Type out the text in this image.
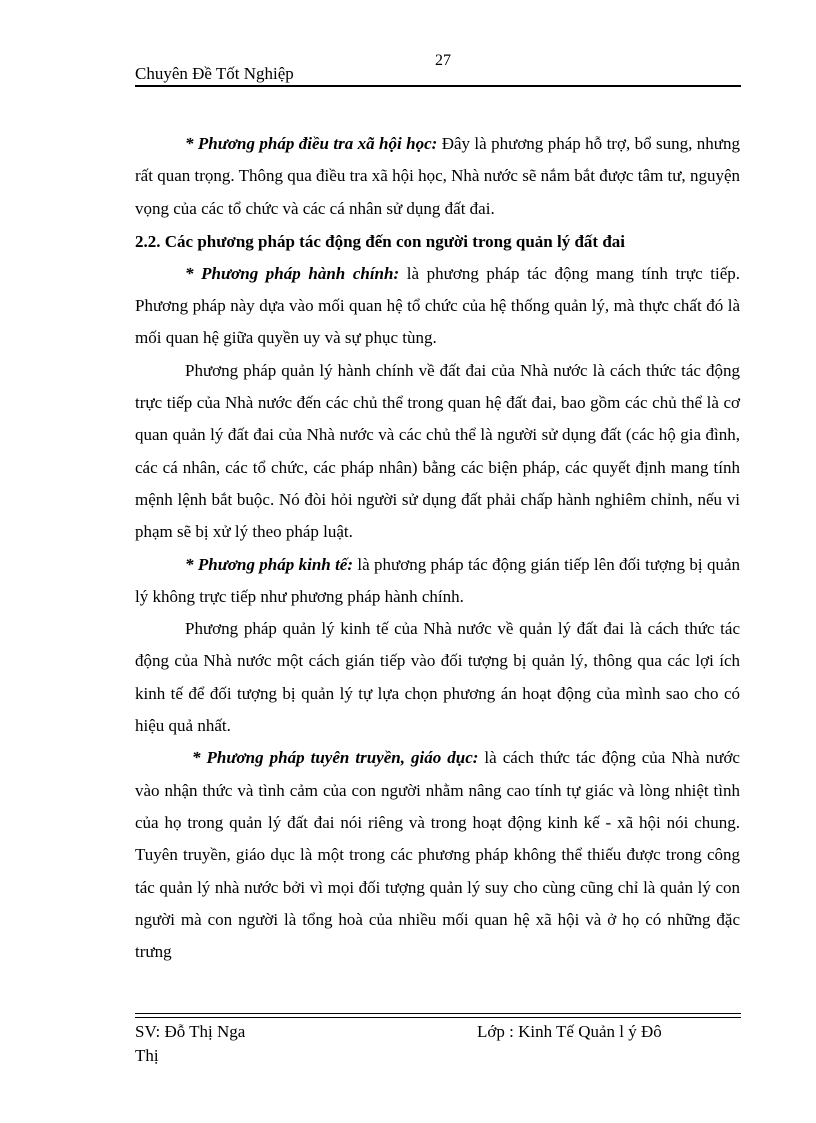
27
Chuyên Đề Tốt Nghiệp

* Phương pháp điều tra xã hội học: Đây là phương pháp hỗ trợ, bổ sung, nhưng rất quan trọng. Thông qua điều tra xã hội học, Nhà nước sẽ nắm bắt được tâm tư, nguyện vọng của các tổ chức và các cá nhân sử dụng đất đai.

2.2. Các phương pháp tác động đến con người trong quản lý đất đai

* Phương pháp hành chính: là phương pháp tác động mang tính trực tiếp. Phương pháp này dựa vào mối quan hệ tổ chức của hệ thống quản lý, mà thực chất đó là mối quan hệ giữa quyền uy và sự phục tùng.

Phương pháp quản lý hành chính về đất đai của Nhà nước là cách thức tác động trực tiếp của Nhà nước đến các chủ thể trong quan hệ đất đai, bao gồm các chủ thể là cơ quan quản lý đất đai của Nhà nước và các chủ thể là người sử dụng đất (các hộ gia đình, các cá nhân, các tổ chức, các pháp nhân) bằng các biện pháp, các quyết định mang tính mệnh lệnh bắt buộc. Nó đòi hỏi người sử dụng đất phải chấp hành nghiêm chỉnh, nếu vi phạm sẽ bị xử lý theo pháp luật.

* Phương pháp kinh tế: là phương pháp tác động gián tiếp lên đối tượng bị quản lý không trực tiếp như phương pháp hành chính.

Phương pháp quản lý kinh tế của Nhà nước về quản lý đất đai là cách thức tác động của Nhà nước một cách gián tiếp vào đối tượng bị quản lý, thông qua các lợi ích kinh tế để đối tượng bị quản lý tự lựa chọn phương án hoạt động của mình sao cho có hiệu quả nhất.

* Phương pháp tuyên truyền, giáo dục: là cách thức tác động của Nhà nước vào nhận thức và tình cảm của con người nhằm nâng cao tính tự giác và lòng nhiệt tình của họ trong quản lý đất đai nói riêng và trong hoạt động kinh kế - xã hội nói chung. Tuyên truyền, giáo dục là một trong các phương pháp không thể thiếu được trong công tác quản lý nhà nước bởi vì mọi đối tượng quản lý suy cho cùng cũng chỉ là quản lý con người mà con người là tổng hoà của nhiều mối quan hệ xã hội và ở họ có những đặc trưng

SV: Đỗ Thị Nga
Thị
Lớp : Kinh Tế Quản l ý Đô
